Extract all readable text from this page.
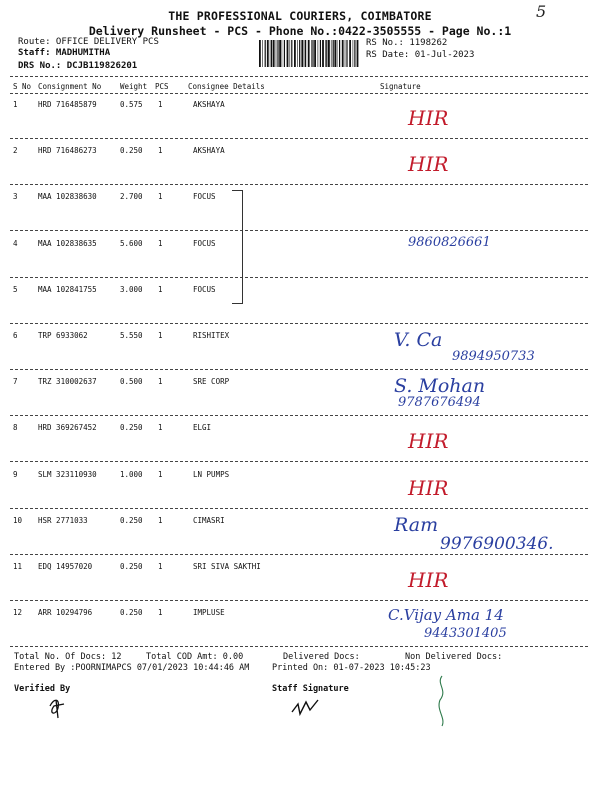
5
THE PROFESSIONAL COURIERS, COIMBATORE
Delivery Runsheet - PCS - Phone No.:0422-3505555 - Page No.:1
Route: OFFICE DELIVERY PCS
Staff: MADHUMITHA
DRS No.: DCJB119826201
RS No.: 1198262
RS Date: 01-Jul-2023
S No Consignment No	Weight PCS	Consignee Details	Signature
1	HRD 716485879	0.575 1	AKSHAYA
HIR
2	HRD 716486273	0.250 1	AKSHAYA
HIR
3	MAA 102838630	2.700 1	FOCUS
4	MAA 102838635	5.600 1	FOCUS	9860826661
5	MAA 102841755	3.000 1	FOCUS
6	TRP 6933062	5.550 1	RISHITEX	V. Ca
9894950733
7	TRZ 310002637	0.500 1	SRE CORP	S. Mohan
9787676494
8	HRD 369267452	0.250 1	ELGI
HIR
9	SLM 323110930	1.000 1	LN PUMPS
HIR
10 HSR 2771033	0.250 1	CIMASRI	Ram
9976900346.
11 EDQ 14957020	0.250 1	SRI SIVA SAKTHI
HIR
12 ARR 10294796	0.250 1	IMPLUSE	C.Vijay Ama 14
9443301405
Total No. Of Docs: 12	Total COD Amt: 0.00	Delivered Docs:	Non Delivered Docs:
Entered By :POORNIMAPCS 07/01/2023 10:44:46 AM	Printed On: 01-07-2023 10:45:23
Verified By	Staff Signature
